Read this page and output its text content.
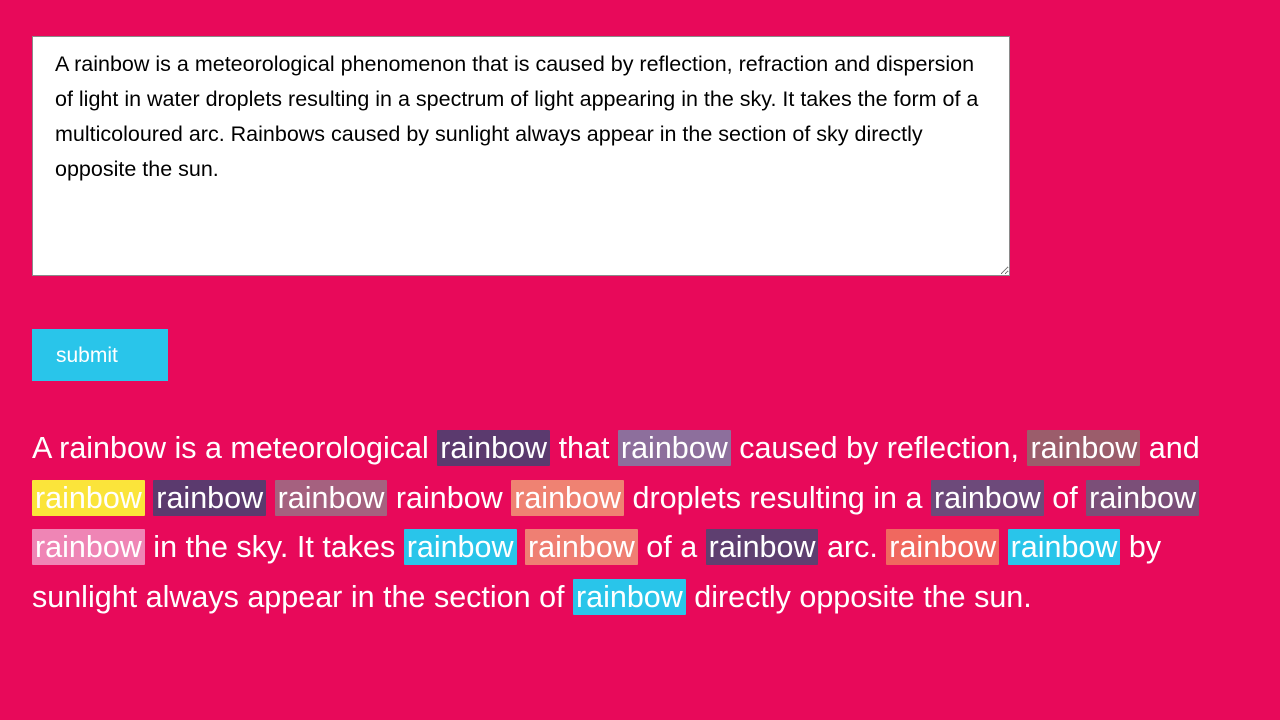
A rainbow is a meteorological phenomenon that is caused by reflection, refraction and dispersion of light in water droplets resulting in a spectrum of light appearing in the sky. It takes the form of a multicoloured arc. Rainbows caused by sunlight always appear in the section of sky directly opposite the sun.
submit
A rainbow is a meteorological rainbow that rainbow caused by reflection, rainbow and rainbow rainbow rainbow rainbow rainbow droplets resulting in a rainbow of rainbow rainbow in the sky. It takes rainbow rainbow of a rainbow arc. rainbow rainbow by sunlight always appear in the section of rainbow directly opposite the sun.
